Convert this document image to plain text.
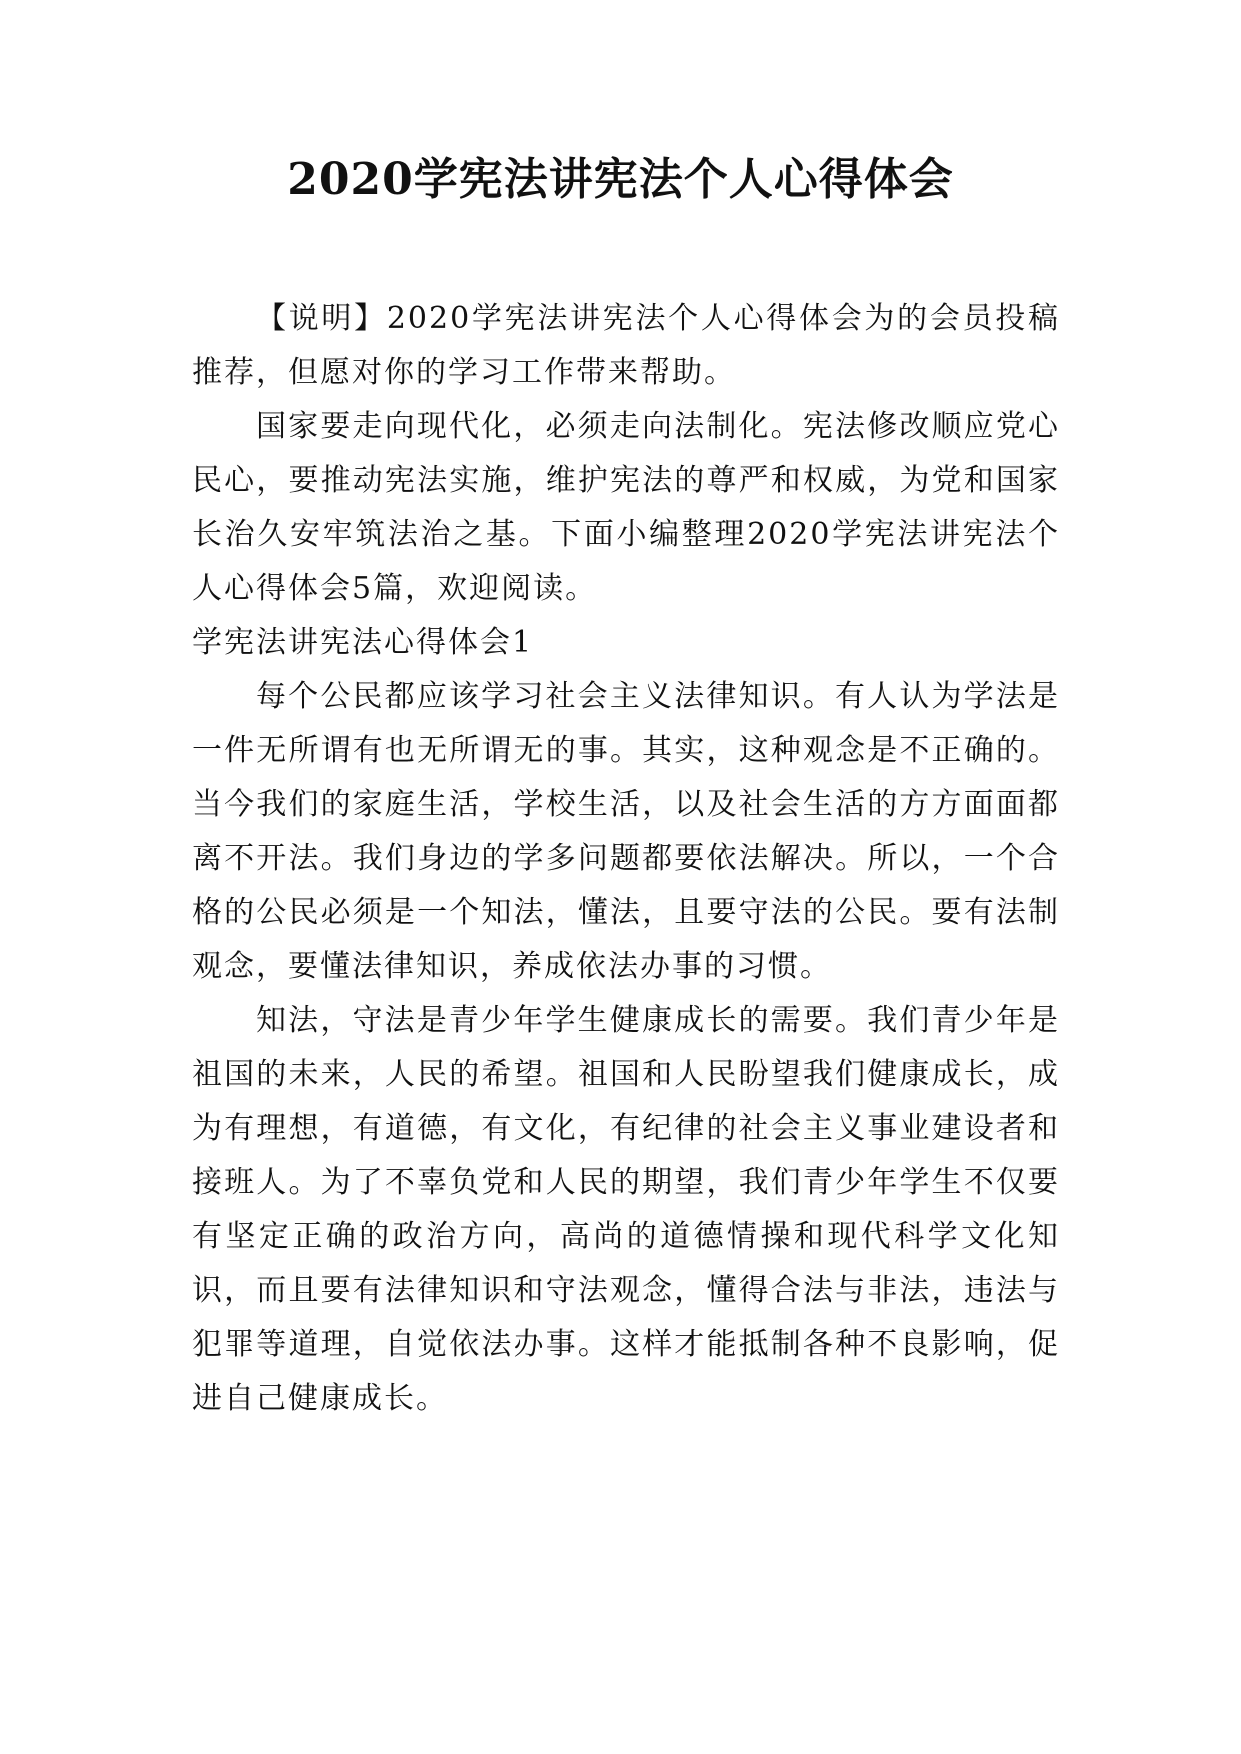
2020学宪法讲宪法个人心得体会

【说明】2020学宪法讲宪法个人心得体会为的会员投稿推荐，但愿对你的学习工作带来帮助。

国家要走向现代化，必须走向法制化。宪法修改顺应党心民心，要推动宪法实施，维护宪法的尊严和权威，为党和国家长治久安牢筑法治之基。下面小编整理2020学宪法讲宪法个人心得体会5篇，欢迎阅读。

学宪法讲宪法心得体会1

每个公民都应该学习社会主义法律知识。有人认为学法是一件无所谓有也无所谓无的事。其实，这种观念是不正确的。当今我们的家庭生活，学校生活，以及社会生活的方方面面都离不开法。我们身边的学多问题都要依法解决。所以，一个合格的公民必须是一个知法，懂法，且要守法的公民。要有法制观念，要懂法律知识，养成依法办事的习惯。

知法，守法是青少年学生健康成长的需要。我们青少年是祖国的未来，人民的希望。祖国和人民盼望我们健康成长，成为有理想，有道德，有文化，有纪律的社会主义事业建设者和接班人。为了不辜负党和人民的期望，我们青少年学生不仅要有坚定正确的政治方向，高尚的道德情操和现代科学文化知识，而且要有法律知识和守法观念，懂得合法与非法，违法与犯罪等道理，自觉依法办事。这样才能抵制各种不良影响，促进自己健康成长。
